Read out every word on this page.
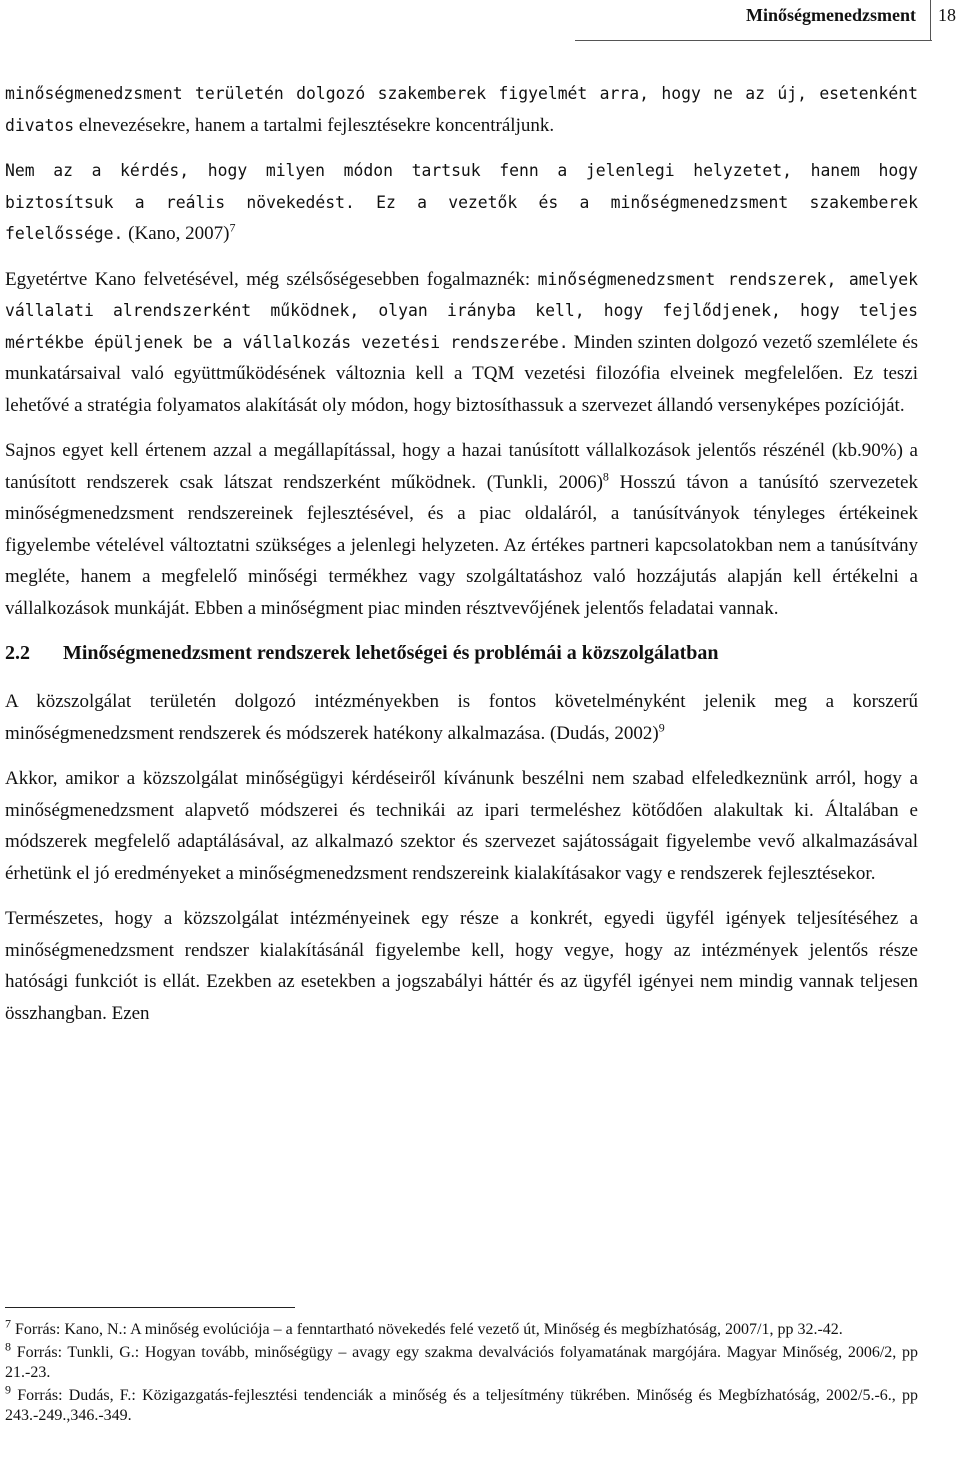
Minőségmenedzsment 18

minőségmenedzsment területén dolgozó szakemberek figyelmét arra, hogy ne az új, esetenként divatos elnevezésekre, hanem a tartalmi fejlesztésekre koncentráljunk.

Nem az a kérdés, hogy milyen módon tartsuk fenn a jelenlegi helyzetet, hanem hogy biztosítsuk a reális növekedést. Ez a vezetők és a minőségmenedzsment szakemberek felelőssége. (Kano, 2007)$^7$

Egyetértve Kano felvetésével, még szélsőségesebben fogalmaznék: minőségmenedzsment rendszerek, amelyek vállalati alrendszerként működnek, olyan irányba kell, hogy fejlődjenek, hogy teljes mértékbe épüljenek be a vállalkozás vezetési rendszerébe. Minden szinten dolgozó vezető szemlélete és munkatársaival való együttműködésének változnia kell a TQM vezetési filozófia elveinek megfelelően. Ez teszi lehetővé a stratégia folyamatos alakítását oly módon, hogy biztosíthassuk a szervezet állandó versenyképes pozícióját.

Sajnos egyet kell értenem azzal a megállapítással, hogy a hazai tanúsított vállalkozások jelentős részénél (kb.90%) a tanúsított rendszerek csak látszat rendszerként működnek. (Tunkli, 2006)$^8$ Hosszú távon a tanúsító szervezetek minőségmenedzsment rendszereinek fejlesztésével, és a piac oldaláról, a tanúsítványok tényleges értékeinek figyelembe vételével változtatni szükséges a jelenlegi helyzeten. Az értékes partneri kapcsolatokban nem a tanúsítvány megléte, hanem a megfelelő minőségi termékhez vagy szolgáltatáshoz való hozzájutás alapján kell értékelni a vállalkozások munkáját. Ebben a minőségment piac minden résztvevőjének jelentős feladatai vannak.

2.2 Minőségmenedzsment rendszerek lehetőségei és problémái a közszolgálatban

A közszolgálat területén dolgozó intézményekben is fontos követelményként jelenik meg a korszerű minőségmenedzsment rendszerek és módszerek hatékony alkalmazása. (Dudás, 2002)$^9$

Akkor, amikor a közszolgálat minőségügyi kérdéseiről kívánunk beszélni nem szabad elfeledkeznünk arról, hogy a minőségmenedzsment alapvető módszerei és technikái az ipari termeléshez kötődően alakultak ki. Általában e módszerek megfelelő adaptálásával, az alkalmazó szektor és szervezet sajátosságait figyelembe vevő alkalmazásával érhetünk el jó eredményeket a minőségmenedzsment rendszereink kialakításakor vagy e rendszerek fejlesztésekor.

Természetes, hogy a közszolgálat intézményeinek egy része a konkrét, egyedi ügyfél igények teljesítéséhez a minőségmenedzsment rendszer kialakításánál figyelembe kell, hogy vegye, hogy az intézmények jelentős része hatósági funkciót is ellát. Ezekben az esetekben a jogszabályi háttér és az ügyfél igényei nem mindig vannak teljesen összhangban. Ezen

$^7$ Forrás: Kano, N.: A minőség evolúciója – a fenntartható növekedés felé vezető út, Minőség és megbízhatóság, 2007/1, pp 32.-42.

$^8$ Forrás: Tunkli, G.: Hogyan tovább, minőségügy – avagy egy szakma devalvációs folyamatának margójára. Magyar Minőség, 2006/2, pp 21.-23.

$^9$ Forrás: Dudás, F.: Közigazgatás-fejlesztési tendenciák a minőség és a teljesítmény tükrében. Minőség és Megbízhatóság, 2002/5.-6., pp 243.-249.,346.-349.
